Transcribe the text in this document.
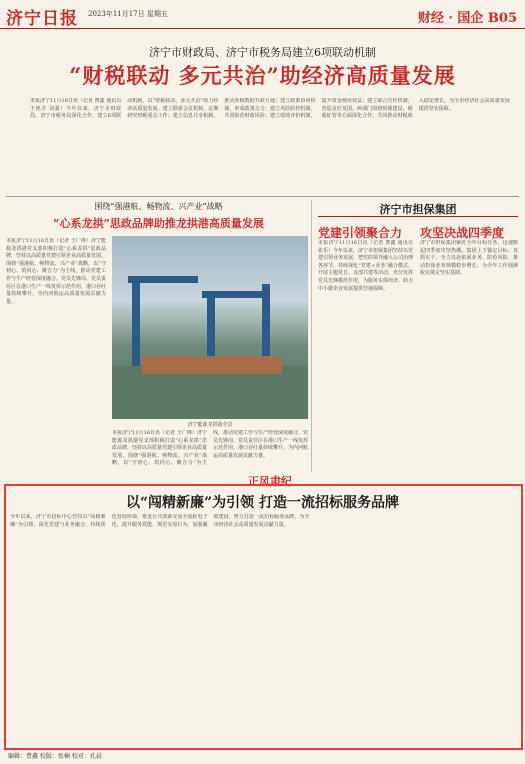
济宁日报 2023年11月17日 星期五	财经 · 国企 B05
济宁市财政局、济宁市税务局建立6项联动机制
“财税联动 多元共治”助经济高质量发展
本报济宁11月16日讯（记者 曹鑫 通讯员 王艳芳 刘强）今年以来，济宁市财政局、济宁市税务局深化合作，建立6项联动机制，以“财税联动、多元共治”助力经济高质量发展。建立联席会议机制，定期研究财税重点工作；建立信息共享机制，推动涉税数据互联互通；建立政策协同机制，形成政策合力；建立风险防控机制，共同防范财政风险；建立绩效评价机制，提升资金使用效益；建立联合宣传机制，营造良好氛围。两部门围绕财源建设、税收征管等方面深化合作，共同推动财税收入稳定增长，为全市经济社会高质量发展提供坚实保障。
围绕“强港航、畅物流、兴产业”战略
“心系龙拱”思政品牌助推龙拱港高质量发展
本报济宁11月16日讯（记者 王广锋）济宁能源龙拱港党支部积极打造“心系龙拱”思政品牌，坚持以高质量党建引领企业高质量发展。围绕“强港航、畅物流、兴产业”战略，以“守初心、筑同心、聚合力”为主线，推动党建工作与生产经营深度融合。党员先锋岗、党员责任区在港口生产一线发挥示范作用，港口吞吐量持续攀升，为内河航运高质量发展贡献力量。
济宁能源龙拱港全景
本报济宁11月16日讯（记者 王广锋）济宁能源龙拱港党支部积极打造“心系龙拱”思政品牌，坚持以高质量党建引领企业高质量发展。围绕“强港航、畅物流、兴产业”战略，以“守初心、筑同心、聚合力”为主线，推动党建工作与生产经营深度融合。党员先锋岗、党员责任区在港口生产一线发挥示范作用，港口吞吐量持续攀升，为内河航运高质量发展贡献力量。
济宁市担保集团
党建引领聚合力
本报济宁11月16日讯（记者 曹鑫 通讯员 张乐）今年以来，济宁市担保集团坚持以党建引领业务发展，把党的领导融入公司治理各环节，持续深化“党建+业务”融合模式，开展主题党日、支部共建等活动，充分发挥党员先锋模范作用，为服务实体经济、助力中小微企业发展提供坚强保障。
攻坚决战四季度
济宁市担保集团紧盯全年目标任务，迅速掀起四季度攻坚热潮。集团上下锚定目标、真抓实干，全力以赴拓展业务、防范风险，推动担保业务规模稳步增长，为全年工作圆满收官奠定坚实基础。
正风肃纪
以“闯精新廉”为引领 打造一流招标服务品牌
今年以来，济宁市招标中心坚持以“闯精新廉”为引领，深化党建与业务融合，持续优化营商环境，推进公共资源交易全流程电子化，提升服务效能，规范交易行为，加强廉政建设，努力打造一流招标服务品牌，为全市经济社会高质量发展贡献力量。
编辑：曹鑫 校版：张楠 校对：孔晨
